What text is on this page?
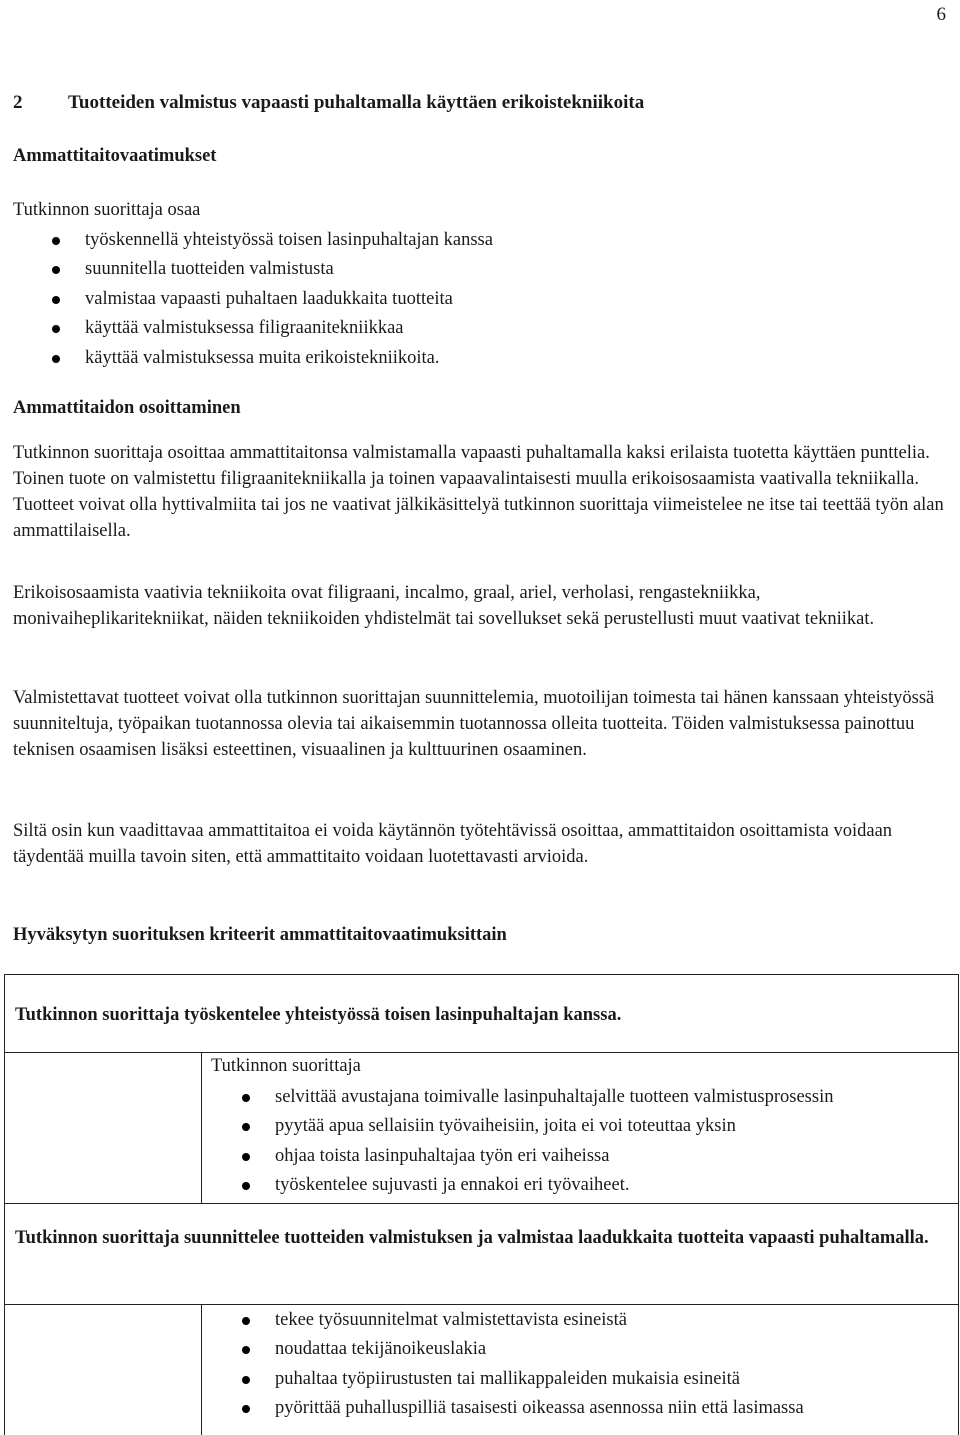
6
2 Tuotteiden valmistus vapaasti puhaltamalla käyttäen erikoistekniikoita
Ammattitaitovaatimukset
Tutkinnon suorittaja osaa
työskennellä yhteistyössä toisen lasinpuhaltajan kanssa
suunnitella tuotteiden valmistusta
valmistaa vapaasti puhaltaen laadukkaita tuotteita
käyttää valmistuksessa filigraanitekniikkaa
käyttää valmistuksessa muita erikoistekniikoita.
Ammattitaidon osoittaminen

Tutkinnon suorittaja osoittaa ammattitaitonsa valmistamalla vapaasti puhaltamalla kaksi erilaista tuotetta käyttäen punttelia. Toinen tuote on valmistettu filigraanitekniikalla ja toinen vapaavalintaisesti muulla erikoisosaamista vaativalla tekniikalla. Tuotteet voivat olla hyttivalmiita tai jos ne vaativat jälkikäsittelyä tutkinnon suorittaja viimeistelee ne itse tai teettää työn alan ammattilaisella.

Erikoisosaamista vaativia tekniikoita ovat filigraani, incalmo, graal, ariel, verholasi, rengastekniikka, monivaiheplikaritekniikat, näiden tekniikoiden yhdistelmät tai sovellukset sekä perustellusti muut vaativat tekniikat.

Valmistettavat tuotteet voivat olla tutkinnon suorittajan suunnittelemia, muotoilijan toimesta tai hänen kanssaan yhteistyössä suunniteltuja, työpaikan tuotannossa olevia tai aikaisemmin tuotannossa olleita tuotteita. Töiden valmistuksessa painottuu teknisen osaamisen lisäksi esteettinen, visuaalinen ja kulttuurinen osaaminen.

Siltä osin kun vaadittavaa ammattitaitoa ei voida käytännön työtehtävissä osoittaa, ammattitaidon osoittamista voidaan täydentää muilla tavoin siten, että ammattitaito voidaan luotettavasti arvioida.

Hyväksytyn suorituksen kriteerit ammattitaitovaatimuksittain
Tutkinnon suorittaja työskentelee yhteistyössä toisen lasinpuhaltajan kanssa.
Tutkinnon suorittaja
selvittää avustajana toimivalle lasinpuhaltajalle tuotteen valmistusprosessin
pyytää apua sellaisiin työvaiheisiin, joita ei voi toteuttaa yksin
ohjaa toista lasinpuhaltajaa työn eri vaiheissa
työskentelee sujuvasti ja ennakoi eri työvaiheet.
Tutkinnon suorittaja suunnittelee tuotteiden valmistuksen ja valmistaa laadukkaita tuotteita vapaasti puhaltamalla.
tekee työsuunnitelmat valmistettavista esineistä
noudattaa tekijänoikeuslakia
puhaltaa työpiirustusten tai mallikappaleiden mukaisia esineitä
pyörittää puhalluspilliä tasaisesti oikeassa asennossa niin että lasimassa
